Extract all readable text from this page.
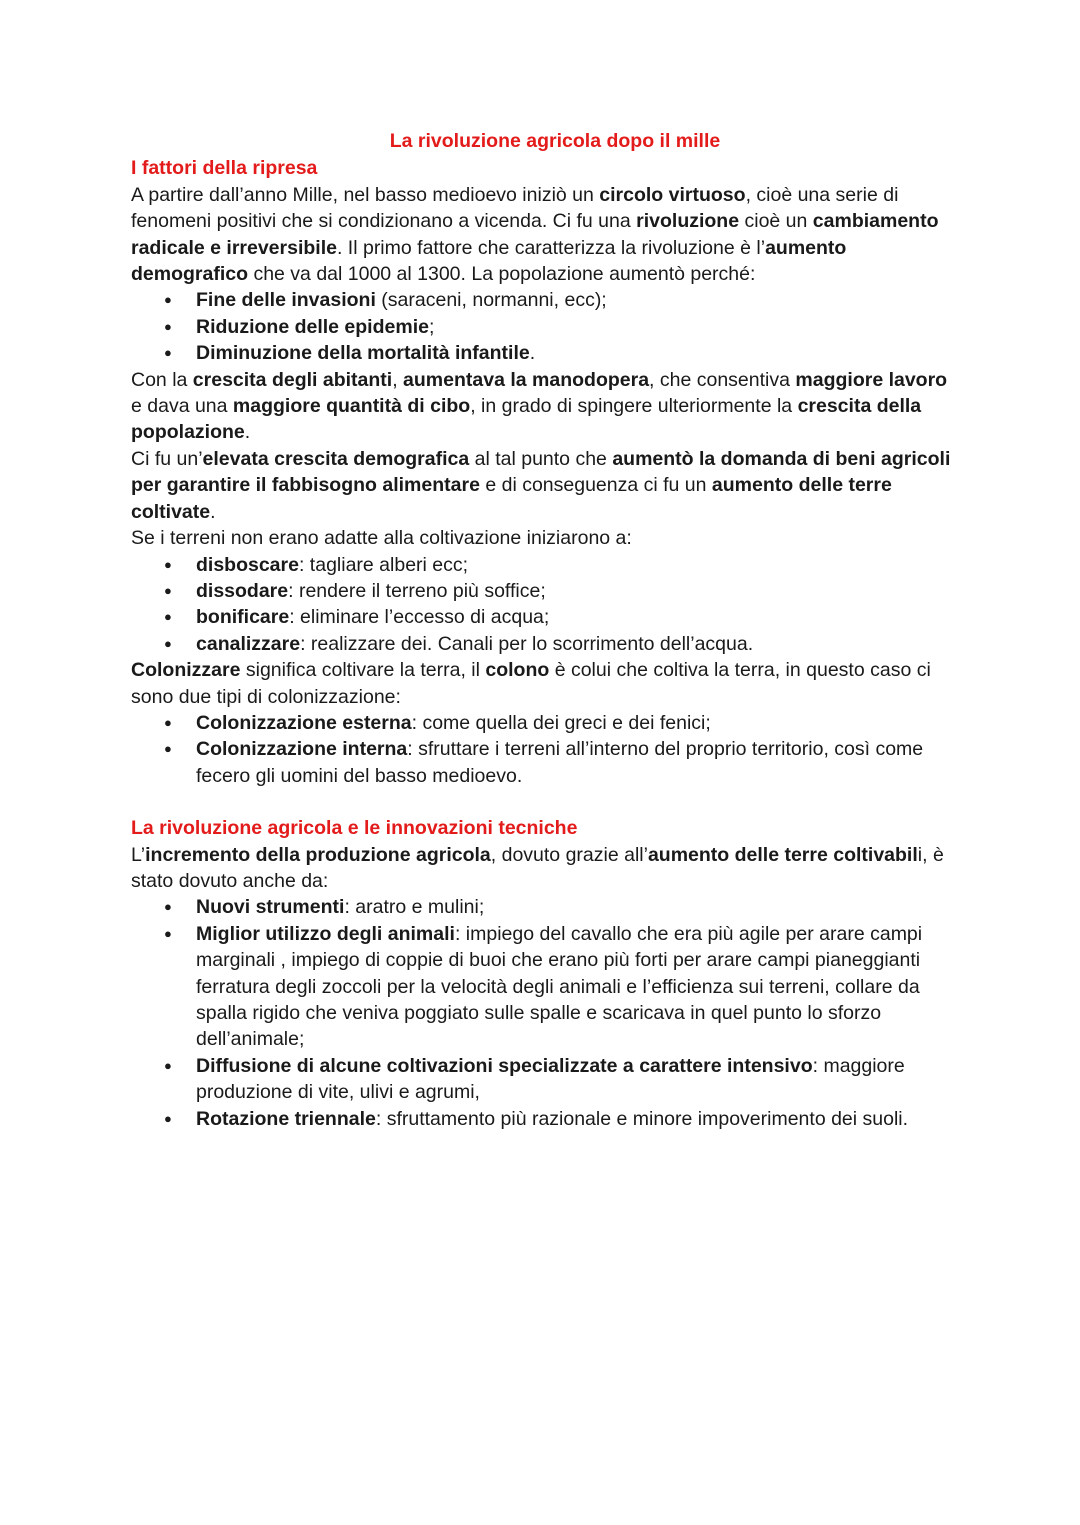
La rivoluzione agricola dopo il mille
I fattori della ripresa

A partire dall’anno Mille, nel basso medioevo iniziò un circolo virtuoso, cioè una serie di fenomeni positivi che si condizionano a vicenda. Ci fu una rivoluzione cioè un cambiamento radicale e irreversibile. Il primo fattore che caratterizza la rivoluzione è l’aumento demografico che va dal 1000 al 1300. La popolazione aumentò perché:

● Fine delle invasioni (saraceni, normanni, ecc);
● Riduzione delle epidemie;
● Diminuzione della mortalità infantile.

Con la crescita degli abitanti, aumentava la manodopera, che consentiva maggiore lavoro e dava una maggiore quantità di cibo, in grado di spingere ulteriormente la crescita della popolazione.

Ci fu un’elevata crescita demografica al tal punto che aumentò la domanda di beni agricoli per garantire il fabbisogno alimentare e di conseguenza ci fu un aumento delle terre coltivate.

Se i terreni non erano adatte alla coltivazione iniziarono a:

● disboscare: tagliare alberi ecc;
● dissodare: rendere il terreno più soffice;
● bonificare: eliminare l’eccesso di acqua;
● canalizzare: realizzare dei. Canali per lo scorrimento dell’acqua.

Colonizzare significa coltivare la terra, il colono è colui che coltiva la terra, in questo caso ci sono due tipi di colonizzazione:

● Colonizzazione esterna: come quella dei greci e dei fenici;
● Colonizzazione interna: sfruttare i terreni all’interno del proprio territorio, così come fecero gli uomini del basso medioevo.
La rivoluzione agricola e le innovazioni tecniche

L’incremento della produzione agricola, dovuto grazie all’aumento delle terre coltivabili, è stato dovuto anche da:

● Nuovi strumenti: aratro e mulini;
● Miglior utilizzo degli animali: impiego del cavallo che era più agile per arare campi marginali , impiego di coppie di buoi che erano più forti per arare campi pianeggianti ferratura degli zoccoli per la velocità degli animali e l’efficienza sui terreni, collare da spalla rigido che veniva poggiato sulle spalle e scaricava in quel punto lo sforzo dell’animale;
● Diffusione di alcune coltivazioni specializzate a carattere intensivo: maggiore produzione di vite, ulivi e agrumi,
● Rotazione triennale: sfruttamento più razionale e minore impoverimento dei suoli.
